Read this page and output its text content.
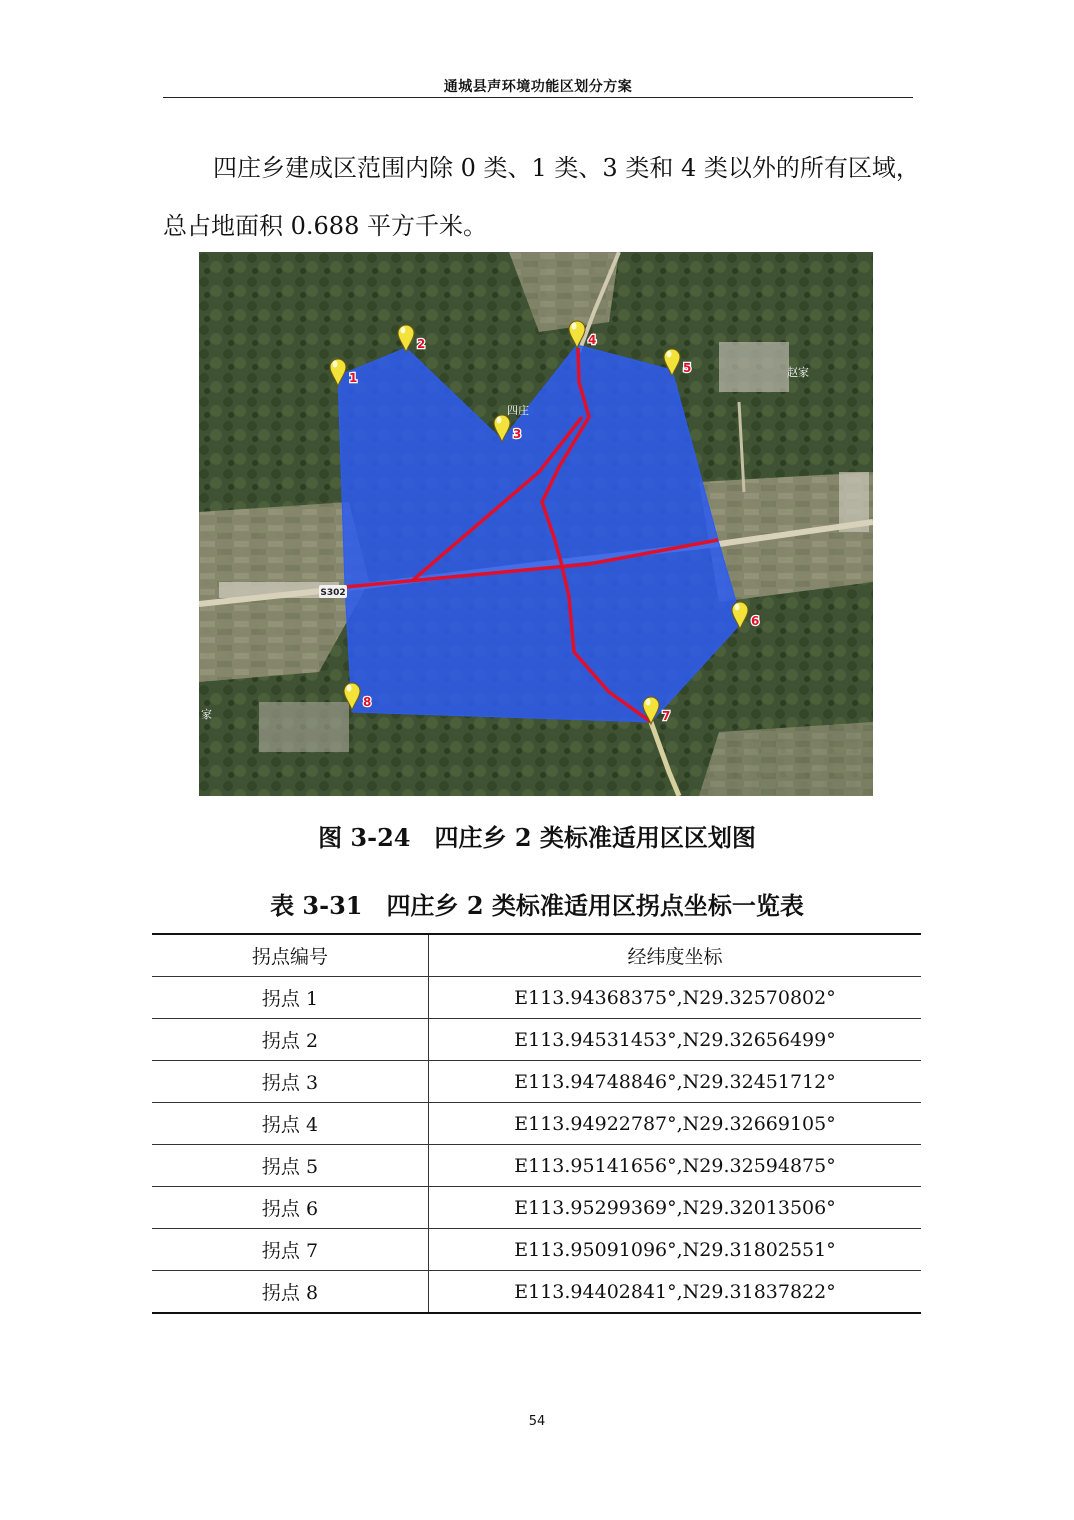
通城县声环境功能区划分方案

四庄乡建成区范围内除 0 类、1 类、3 类和 4 类以外的所有区域，
总占地面积 0.688 平方千米。

四庄
赵家
S302
家
1
2
3
4
5
6
7
8
图 3-24　四庄乡 2 类标准适用区区划图
表 3-31　四庄乡 2 类标准适用区拐点坐标一览表
拐点编号	经纬度坐标
拐点 1	E113.94368375°,N29.32570802°
拐点 2	E113.94531453°,N29.32656499°
拐点 3	E113.94748846°,N29.32451712°
拐点 4	E113.94922787°,N29.32669105°
拐点 5	E113.95141656°,N29.32594875°
拐点 6	E113.95299369°,N29.32013506°
拐点 7	E113.95091096°,N29.31802551°
拐点 8	E113.94402841°,N29.31837822°
54
